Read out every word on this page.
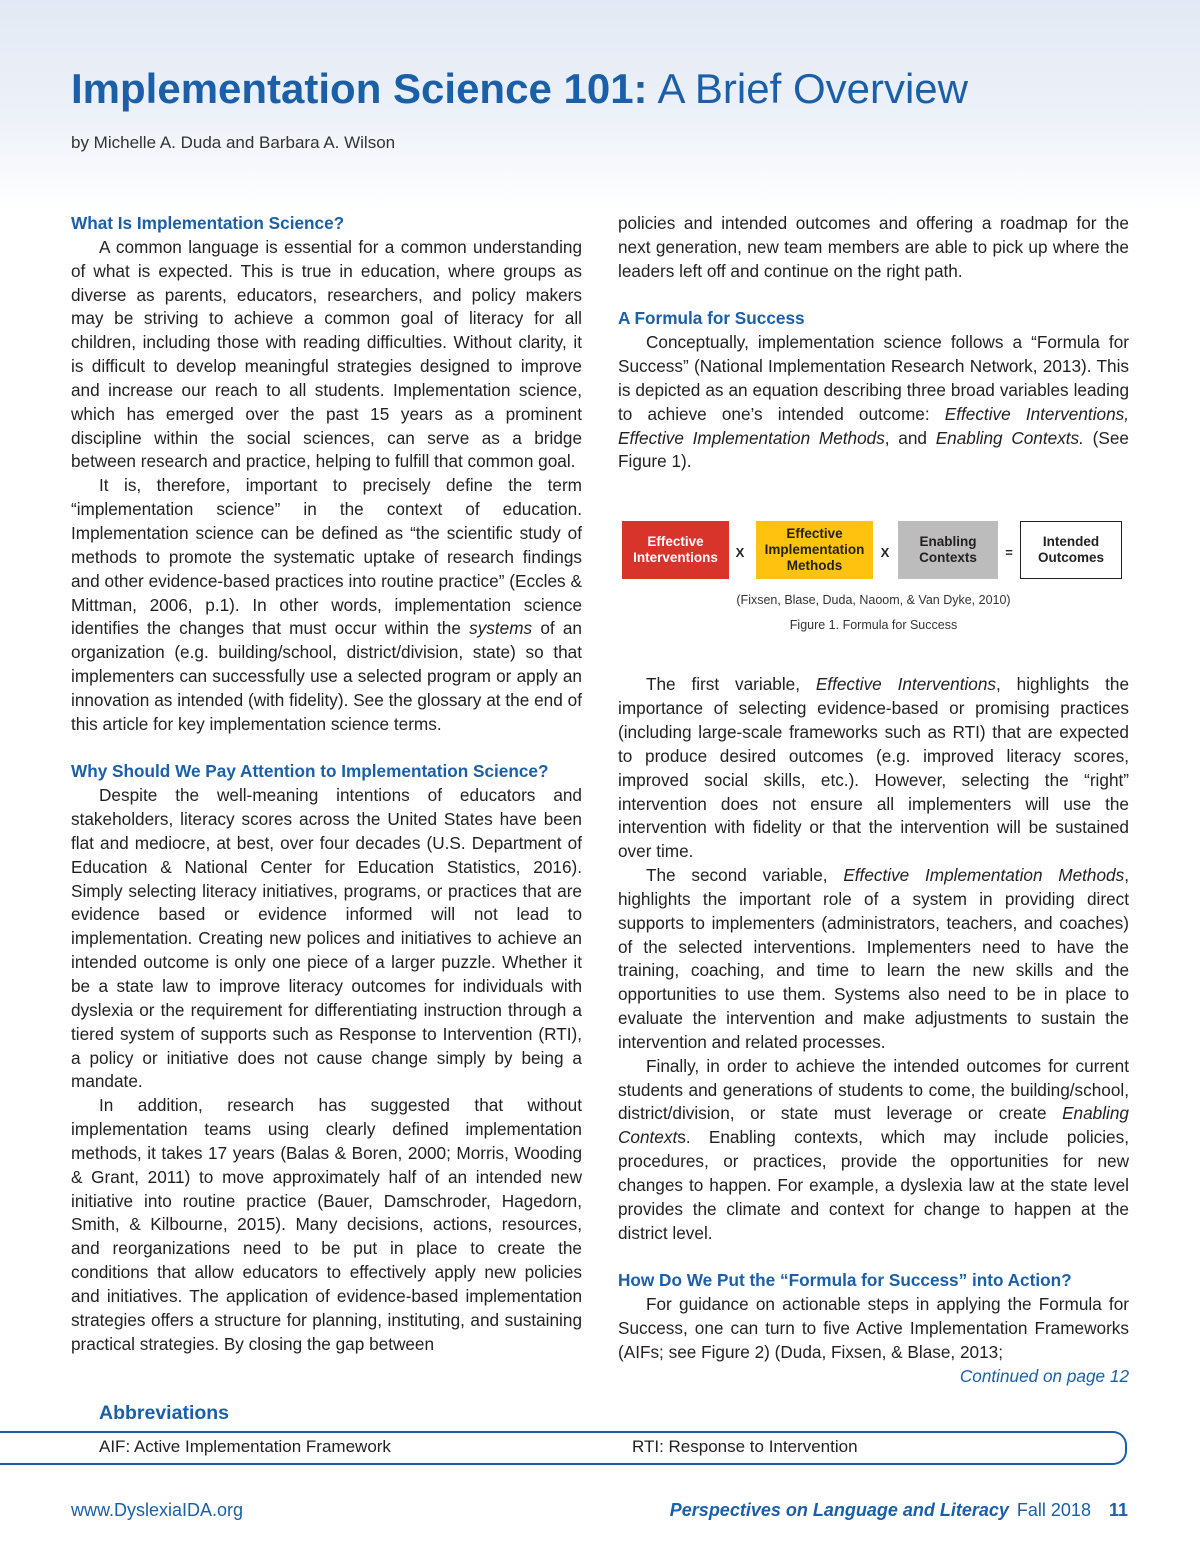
Implementation Science 101: A Brief Overview
by Michelle A. Duda and Barbara A. Wilson
What Is Implementation Science?

A common language is essential for a common understanding of what is expected. This is true in education, where groups as diverse as parents, educators, researchers, and policy makers may be striving to achieve a common goal of literacy for all children, including those with reading difficulties. Without clarity, it is difficult to develop meaningful strategies designed to improve and increase our reach to all students. Implementation science, which has emerged over the past 15 years as a prominent discipline within the social sciences, can serve as a bridge between research and practice, helping to fulfill that common goal.

It is, therefore, important to precisely define the term “implementation science” in the context of education. Implementation science can be defined as “the scientific study of methods to promote the systematic uptake of research findings and other evidence-based practices into routine practice” (Eccles & Mittman, 2006, p.1). In other words, implementation science identifies the changes that must occur within the systems of an organization (e.g. building/school, district/division, state) so that implementers can successfully use a selected program or apply an innovation as intended (with fidelity). See the glossary at the end of this article for key implementation science terms.

Why Should We Pay Attention to Implementation Science?

Despite the well-meaning intentions of educators and stakeholders, literacy scores across the United States have been flat and mediocre, at best, over four decades (U.S. Department of Education & National Center for Education Statistics, 2016). Simply selecting literacy initiatives, programs, or practices that are evidence based or evidence informed will not lead to implementation. Creating new polices and initiatives to achieve an intended outcome is only one piece of a larger puzzle. Whether it be a state law to improve literacy outcomes for individuals with dyslexia or the requirement for differentiating instruction through a tiered system of supports such as Response to Intervention (RTI), a policy or initiative does not cause change simply by being a mandate.

In addition, research has suggested that without implementation teams using clearly defined implementation methods, it takes 17 years (Balas & Boren, 2000; Morris, Wooding & Grant, 2011) to move approximately half of an intended new initiative into routine practice (Bauer, Damschroder, Hagedorn, Smith, & Kilbourne, 2015). Many decisions, actions, resources, and reorganizations need to be put in place to create the conditions that allow educators to effectively apply new policies and initiatives. The application of evidence-based implementation strategies offers a structure for planning, instituting, and sustaining practical strategies. By closing the gap between

policies and intended outcomes and offering a roadmap for the next generation, new team members are able to pick up where the leaders left off and continue on the right path.

A Formula for Success

Conceptually, implementation science follows a “Formula for Success” (National Implementation Research Network, 2013). This is depicted as an equation describing three broad variables leading to achieve one’s intended outcome: Effective Interventions, Effective Implementation Methods, and Enabling Contexts. (See Figure 1).

Effective Interventions	X
Effective Implementation Methods
X
Enabling Contexts	=
Intended Outcomes
(Fixsen, Blase, Duda, Naoom, & Van Dyke, 2010)
Figure 1. Formula for Success

The first variable, Effective Interventions, highlights the importance of selecting evidence-based or promising practices (including large-scale frameworks such as RTI) that are expected to produce desired outcomes (e.g. improved literacy scores, improved social skills, etc.). However, selecting the “right” intervention does not ensure all implementers will use the intervention with fidelity or that the intervention will be sustained over time.

The second variable, Effective Implementation Methods, highlights the important role of a system in providing direct supports to implementers (administrators, teachers, and coaches) of the selected interventions. Implementers need to have the training, coaching, and time to learn the new skills and the opportunities to use them. Systems also need to be in place to evaluate the intervention and make adjustments to sustain the intervention and related processes.

Finally, in order to achieve the intended outcomes for current students and generations of students to come, the building/school, district/division, or state must leverage or create Enabling Contexts. Enabling contexts, which may include policies, procedures, or practices, provide the opportunities for new changes to happen. For example, a dyslexia law at the state level provides the climate and context for change to happen at the district level.

How Do We Put the “Formula for Success” into Action?

For guidance on actionable steps in applying the Formula for Success, one can turn to five Active Implementation Frameworks (AIFs; see Figure 2) (Duda, Fixsen, & Blase, 2013;

Continued on page 12
Abbreviations
AIF: Active Implementation Framework	RTI: Response to Intervention
www.DyslexiaIDA.org	Perspectives on Language and Literacy Fall 2018 11
